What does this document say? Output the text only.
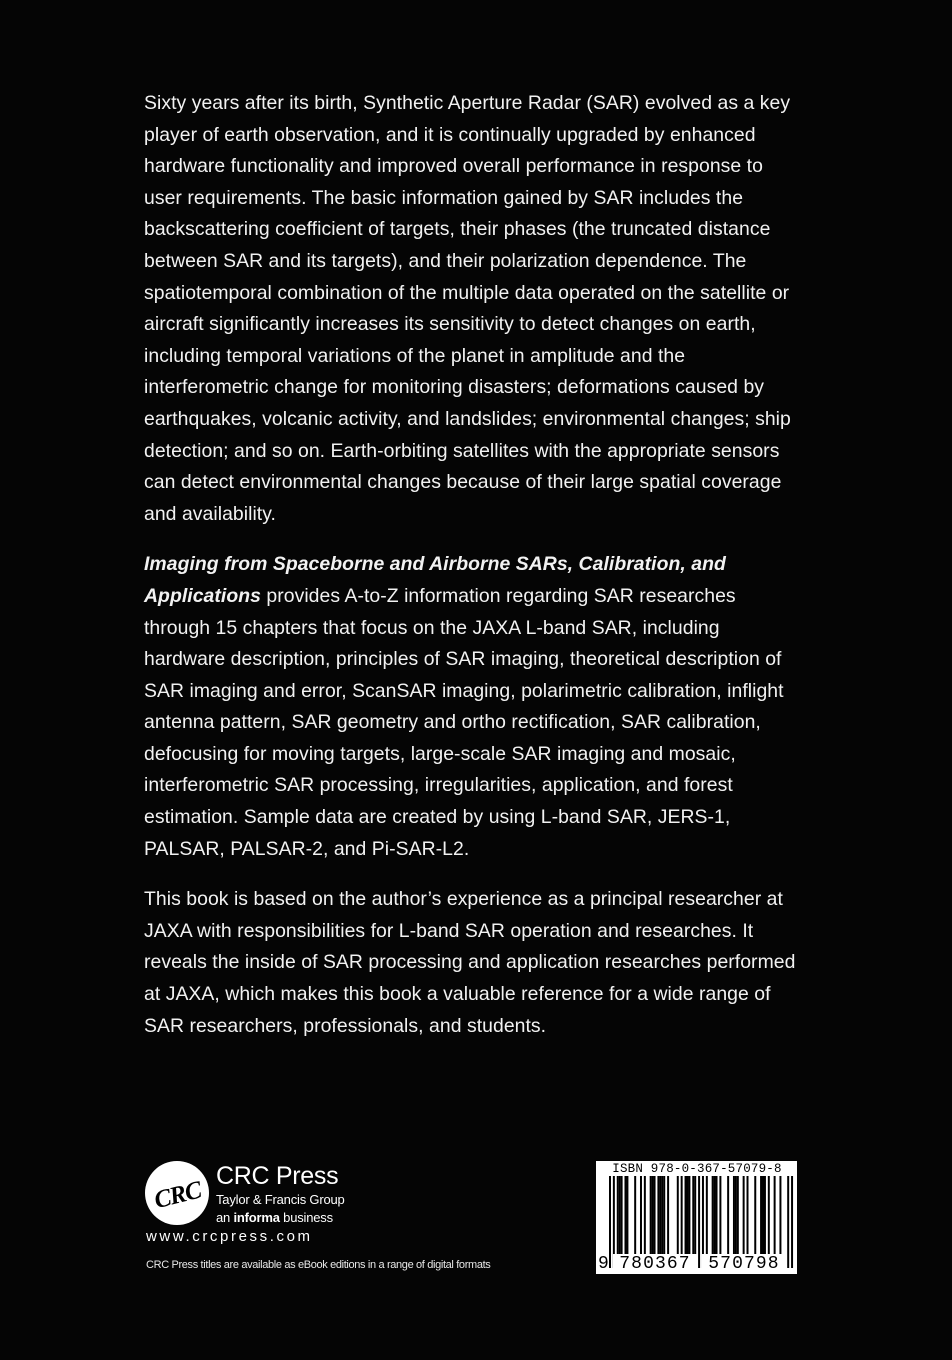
Sixty years after its birth, Synthetic Aperture Radar (SAR) evolved as a key player of earth observation, and it is continually upgraded by enhanced hardware functionality and improved overall performance in response to user requirements. The basic information gained by SAR includes the backscattering coefficient of targets, their phases (the truncated distance between SAR and its targets), and their polarization dependence. The spatiotemporal combination of the multiple data operated on the satellite or aircraft significantly increases its sensitivity to detect changes on earth, including temporal variations of the planet in amplitude and the interferometric change for monitoring disasters; deformations caused by earthquakes, volcanic activity, and landslides; environmental changes; ship detection; and so on. Earth-orbiting satellites with the appropriate sensors can detect environmental changes because of their large spatial coverage and availability.

Imaging from Spaceborne and Airborne SARs, Calibration, and Applications provides A-to-Z information regarding SAR researches through 15 chapters that focus on the JAXA L-band SAR, including hardware description, principles of SAR imaging, theoretical description of SAR imaging and error, ScanSAR imaging, polarimetric calibration, inflight antenna pattern, SAR geometry and ortho rectification, SAR calibration, defocusing for moving targets, large-scale SAR imaging and mosaic, interferometric SAR processing, irregularities, application, and forest estimation. Sample data are created by using L-band SAR, JERS-1, PALSAR, PALSAR-2, and Pi-SAR-L2.

This book is based on the author’s experience as a principal researcher at JAXA with responsibilities for L-band SAR operation and researches. It reveals the inside of SAR processing and application researches performed at JAXA, which makes this book a valuable reference for a wide range of SAR researchers, professionals, and students.

CRC
CRC Press
Taylor & Francis Group
an informa business
www.crcpress.com
CRC Press titles are available as eBook editions in a range of digital formats
ISBN 978-0-367-57079-8
9 780367 570798
